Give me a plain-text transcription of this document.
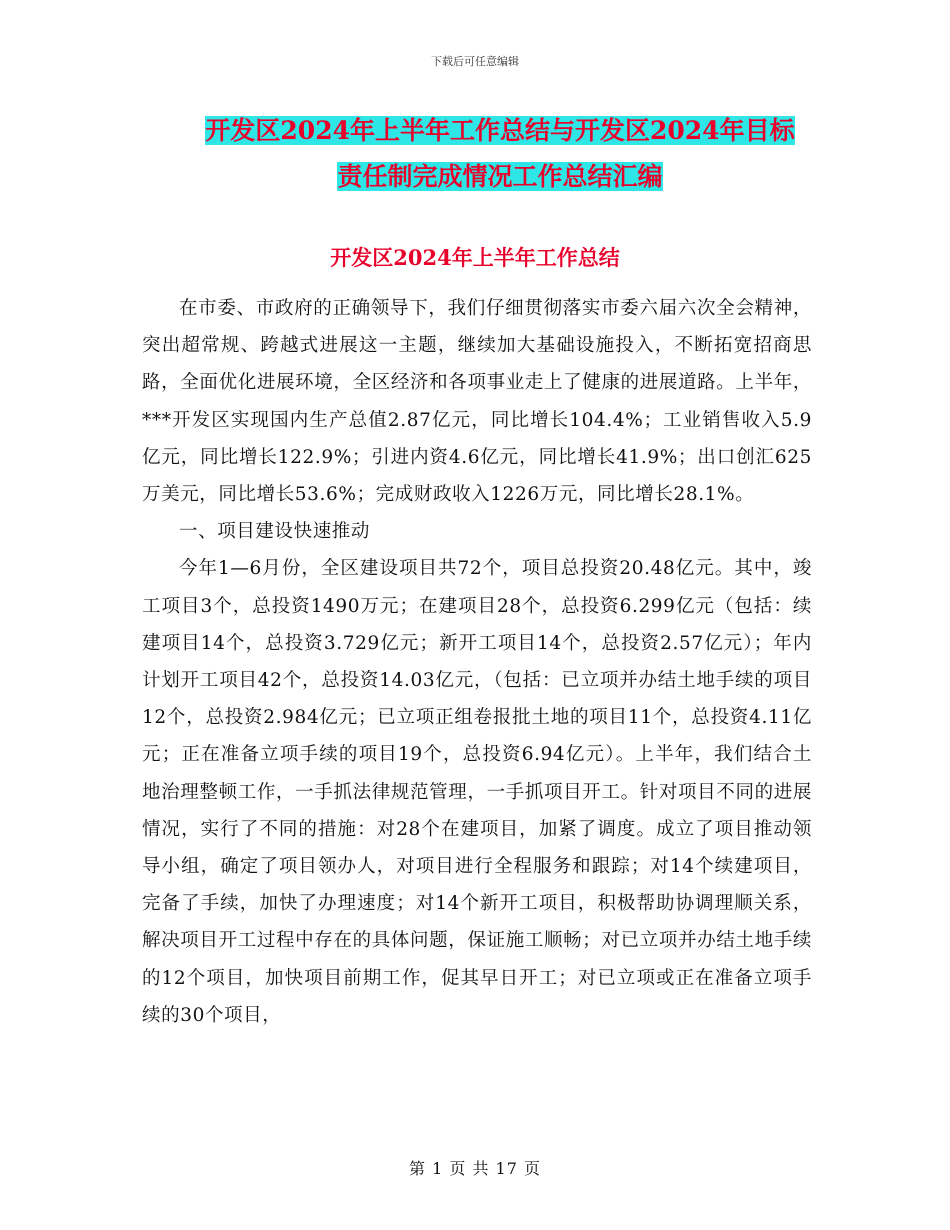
下载后可任意编辑
开发区2024年上半年工作总结与开发区2024年目标
责任制完成情况工作总结汇编
开发区2024年上半年工作总结

在市委、市政府的正确领导下，我们仔细贯彻落实市委六届六次全会精神，突出超常规、跨越式进展这一主题，继续加大基础设施投入，不断拓宽招商思路，全面优化进展环境，全区经济和各项事业走上了健康的进展道路。上半年，***开发区实现国内生产总值2.87亿元，同比增长104.4%；工业销售收入5.9亿元，同比增长122.9%；引进内资4.6亿元，同比增长41.9%；出口创汇625万美元，同比增长53.6%；完成财政收入1226万元，同比增长28.1%。

一、项目建设快速推动

今年1—6月份，全区建设项目共72个，项目总投资20.48亿元。其中，竣工项目3个，总投资1490万元；在建项目28个，总投资6.299亿元（包括：续建项目14个，总投资3.729亿元；新开工项目14个，总投资2.57亿元）；年内计划开工项目42个，总投资14.03亿元，（包括：已立项并办结土地手续的项目12个，总投资2.984亿元；已立项正组卷报批土地的项目11个，总投资4.11亿元；正在准备立项手续的项目19个，总投资6.94亿元）。上半年，我们结合土地治理整顿工作，一手抓法律规范管理，一手抓项目开工。针对项目不同的进展情况，实行了不同的措施：对28个在建项目，加紧了调度。成立了项目推动领导小组，确定了项目领办人，对项目进行全程服务和跟踪；对14个续建项目，完备了手续，加快了办理速度；对14个新开工项目，积极帮助协调理顺关系，解决项目开工过程中存在的具体问题，保证施工顺畅；对已立项并办结土地手续的12个项目，加快项目前期工作，促其早日开工；对已立项或正在准备立项手续的30个项目，

第 1 页 共 17 页
